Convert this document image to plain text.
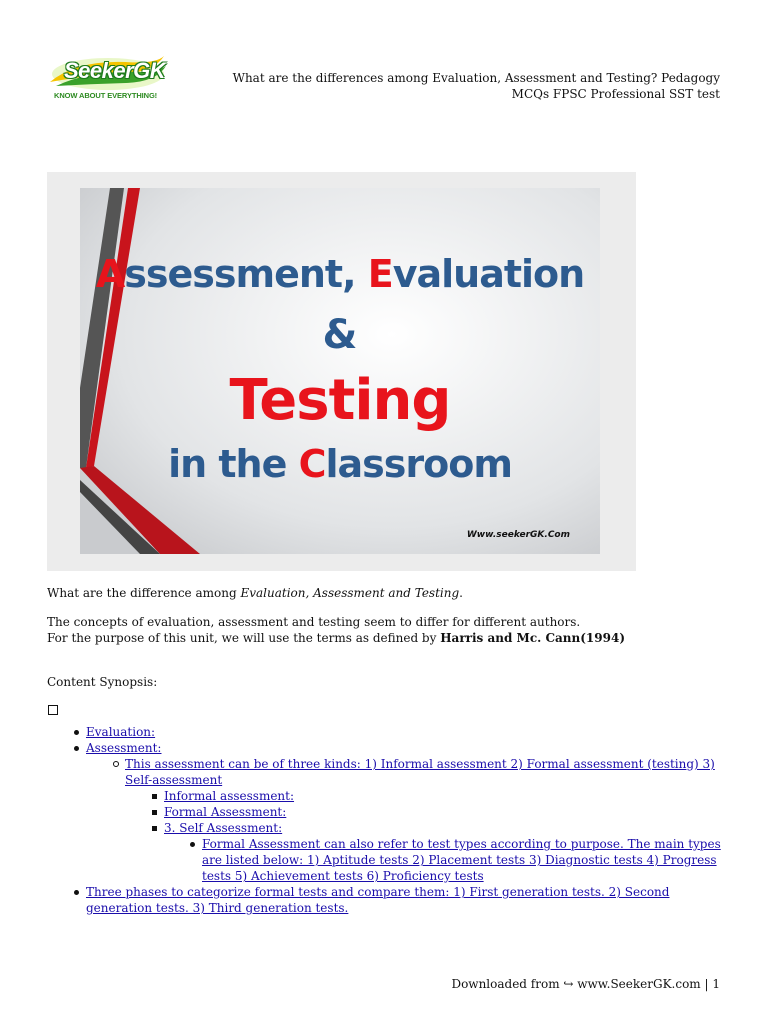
SeekerGK
KNOW ABOUT EVERYTHING!
What are the differences among Evaluation, Assessment and Testing? Pedagogy
MCQs FPSC Professional SST test
Assessment, Evaluation
&
Testing
in the Classroom
Www.seekerGK.Com
What are the difference among Evaluation, Assessment and Testing.
The concepts of evaluation, assessment and testing seem to differ for different authors.
For the purpose of this unit, we will use the terms as defined by Harris and Mc. Cann(1994)
Content Synopsis:
Evaluation:
Assessment:
This assessment can be of three kinds: 1) Informal assessment 2) Formal assessment (testing) 3) Self-assessment
Informal assessment:
Formal Assessment:
3. Self Assessment:
Formal Assessment can also refer to test types according to purpose. The main types are listed below: 1) Aptitude tests 2) Placement tests 3) Diagnostic tests 4) Progress tests 5) Achievement tests 6) Proficiency tests
Three phases to categorize formal tests and compare them: 1) First generation tests. 2) Second generation tests. 3) Third generation tests.
Downloaded from ↪ www.SeekerGK.com | 1
